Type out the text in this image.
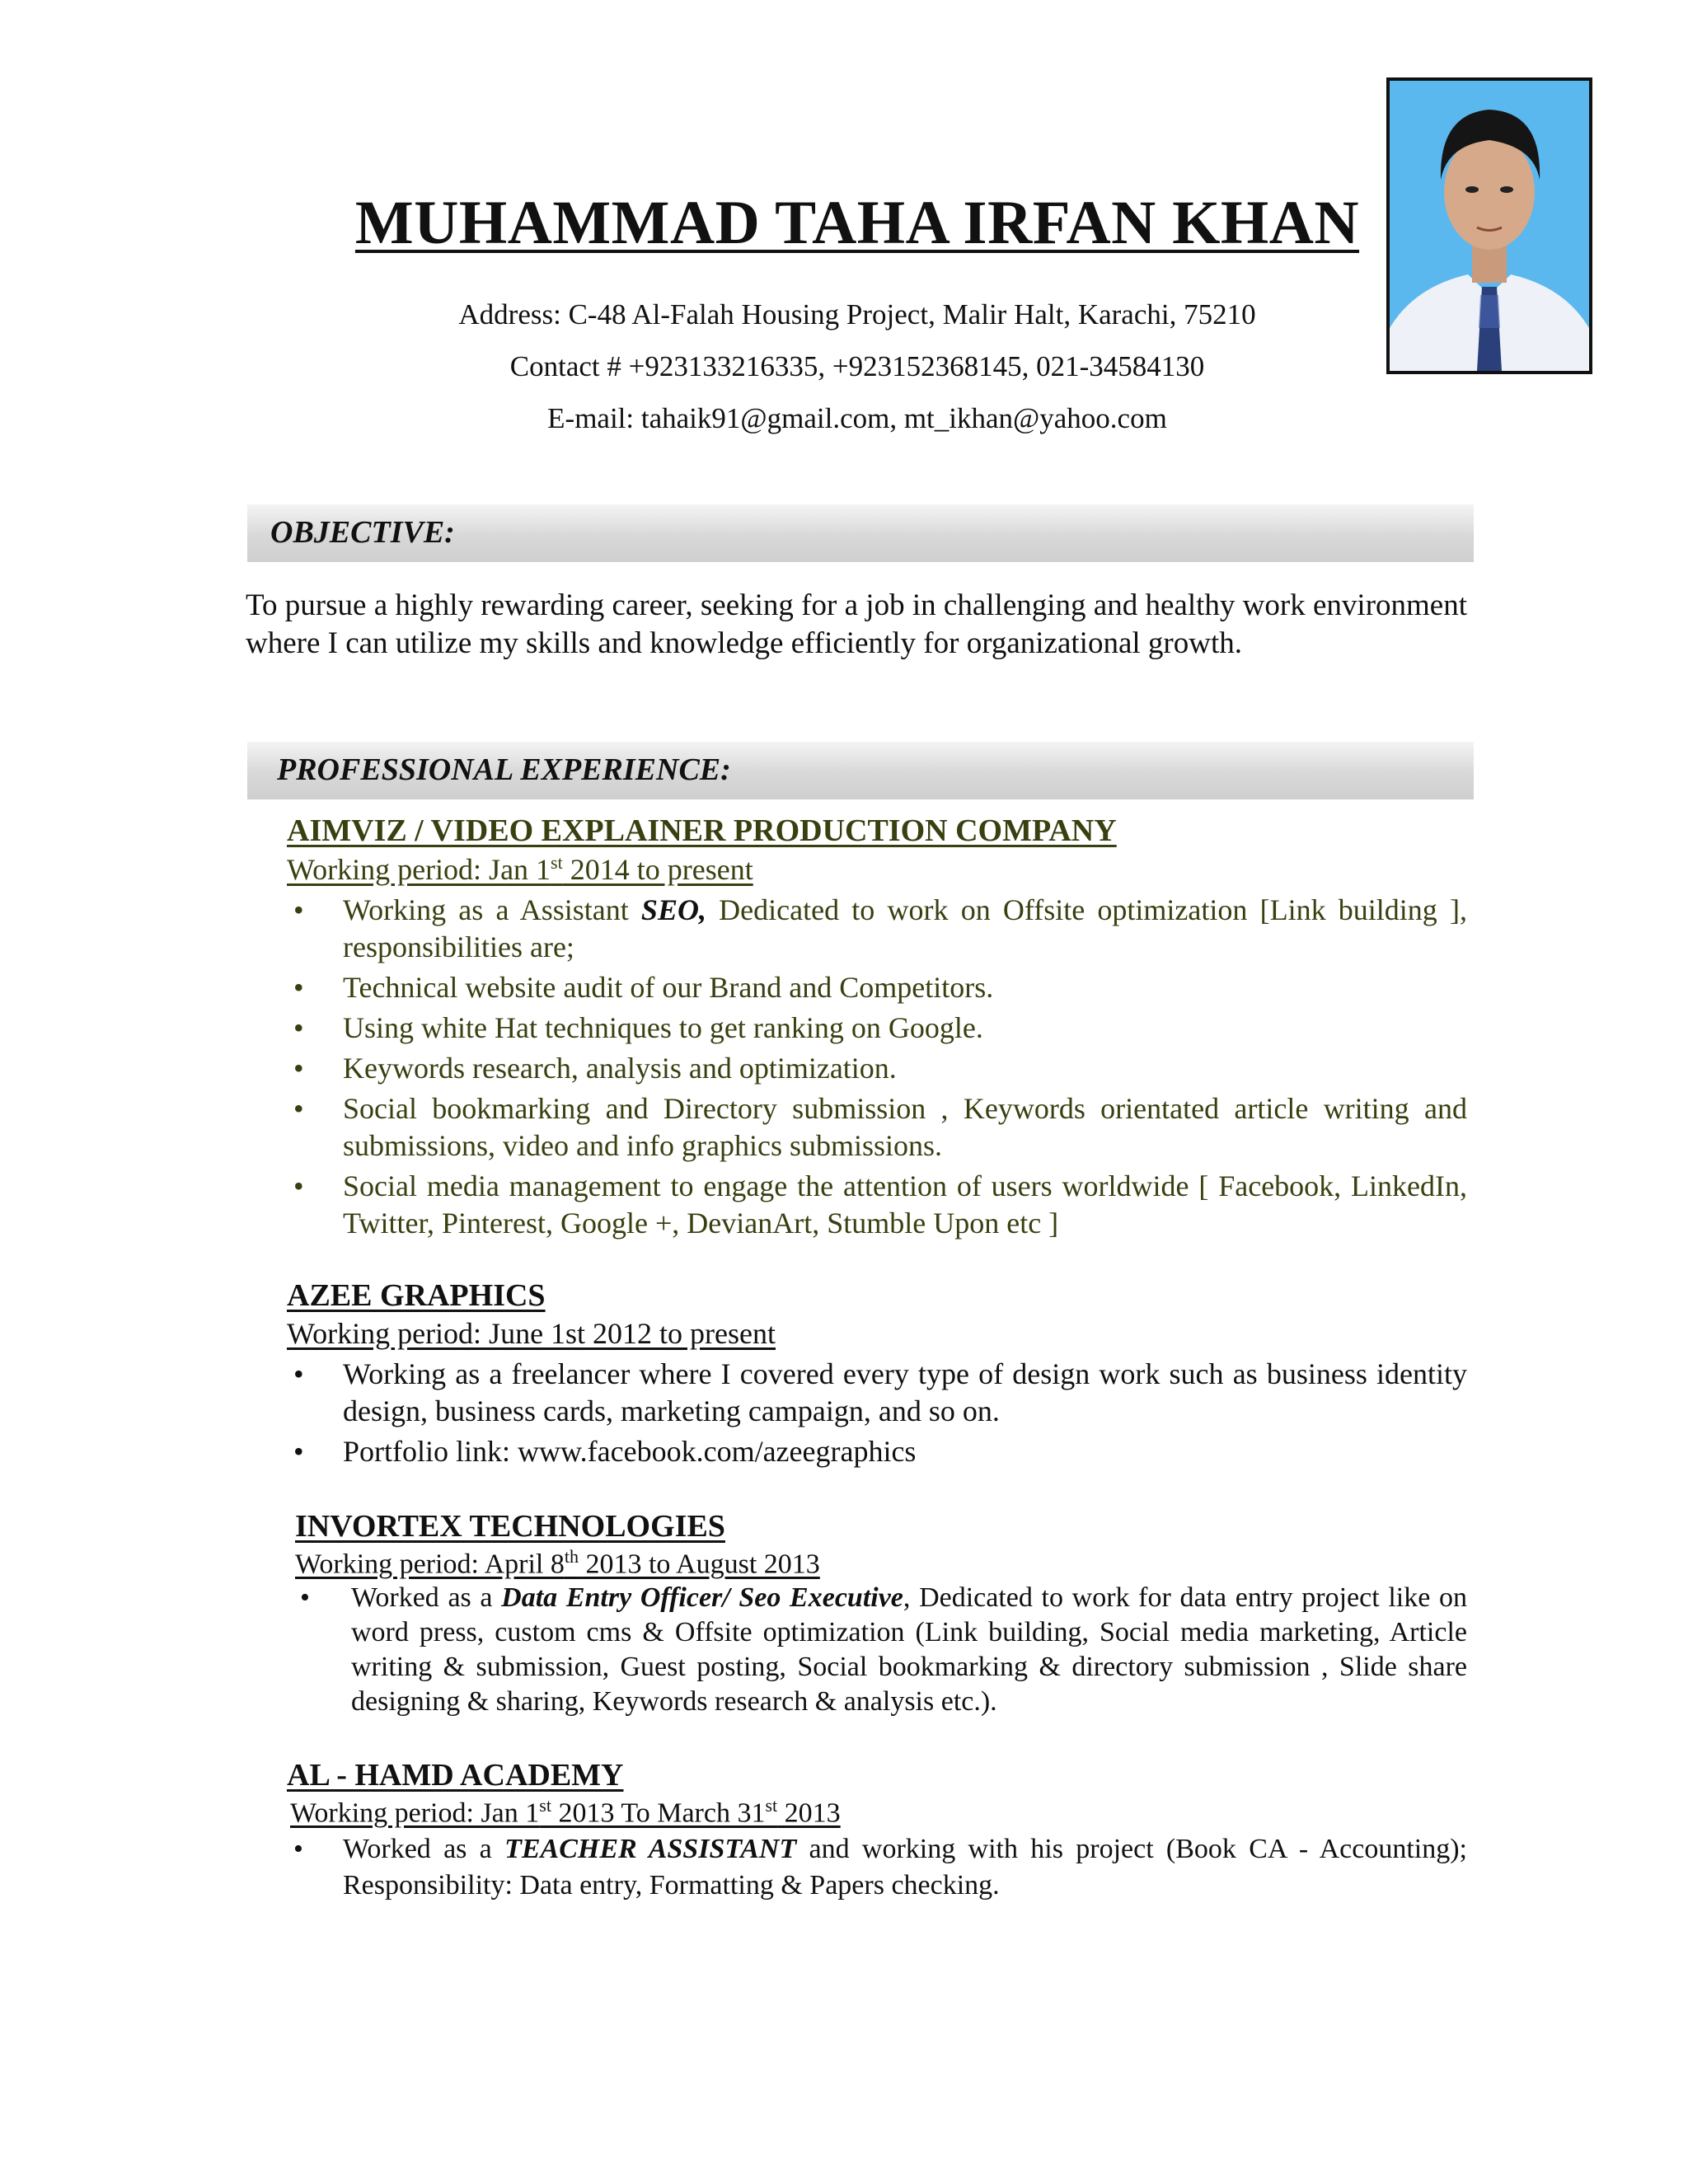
MUHAMMAD TAHA IRFAN KHAN
Address: C-48 Al-Falah Housing Project, Malir Halt, Karachi, 75210
Contact # +923133216335, +923152368145, 021-34584130
E-mail: tahaik91@gmail.com, mt_ikhan@yahoo.com
OBJECTIVE:
To pursue a highly rewarding career, seeking for a job in challenging and healthy work environment where I can utilize my skills and knowledge efficiently for organizational growth.
PROFESSIONAL EXPERIENCE:
AIMVIZ / VIDEO EXPLAINER PRODUCTION COMPANY
Working period: Jan 1st 2014 to present
• Working as a Assistant SEO, Dedicated to work on Offsite optimization [Link building ], responsibilities are;
• Technical website audit of our Brand and Competitors.
• Using white Hat techniques to get ranking on Google.
• Keywords research, analysis and optimization.
• Social bookmarking and Directory submission , Keywords orientated article writing and submissions, video and info graphics submissions.
• Social media management to engage the attention of users worldwide [ Facebook, LinkedIn, Twitter, Pinterest, Google +, DevianArt, Stumble Upon etc ]
AZEE GRAPHICS
Working period: June 1st 2012 to present
• Working as a freelancer where I covered every type of design work such as business identity design, business cards, marketing campaign, and so on.
• Portfolio link: www.facebook.com/azeegraphics
INVORTEX TECHNOLOGIES
Working period: April 8th 2013 to August 2013
• Worked as a Data Entry Officer/ Seo Executive, Dedicated to work for data entry project like on word press, custom cms & Offsite optimization (Link building, Social media marketing, Article writing & submission, Guest posting, Social bookmarking & directory submission , Slide share designing & sharing, Keywords research & analysis etc.).
AL - HAMD ACADEMY
Working period: Jan 1st 2013 To March 31st 2013
• Worked as a TEACHER ASSISTANT and working with his project (Book CA - Accounting); Responsibility: Data entry, Formatting & Papers checking.
